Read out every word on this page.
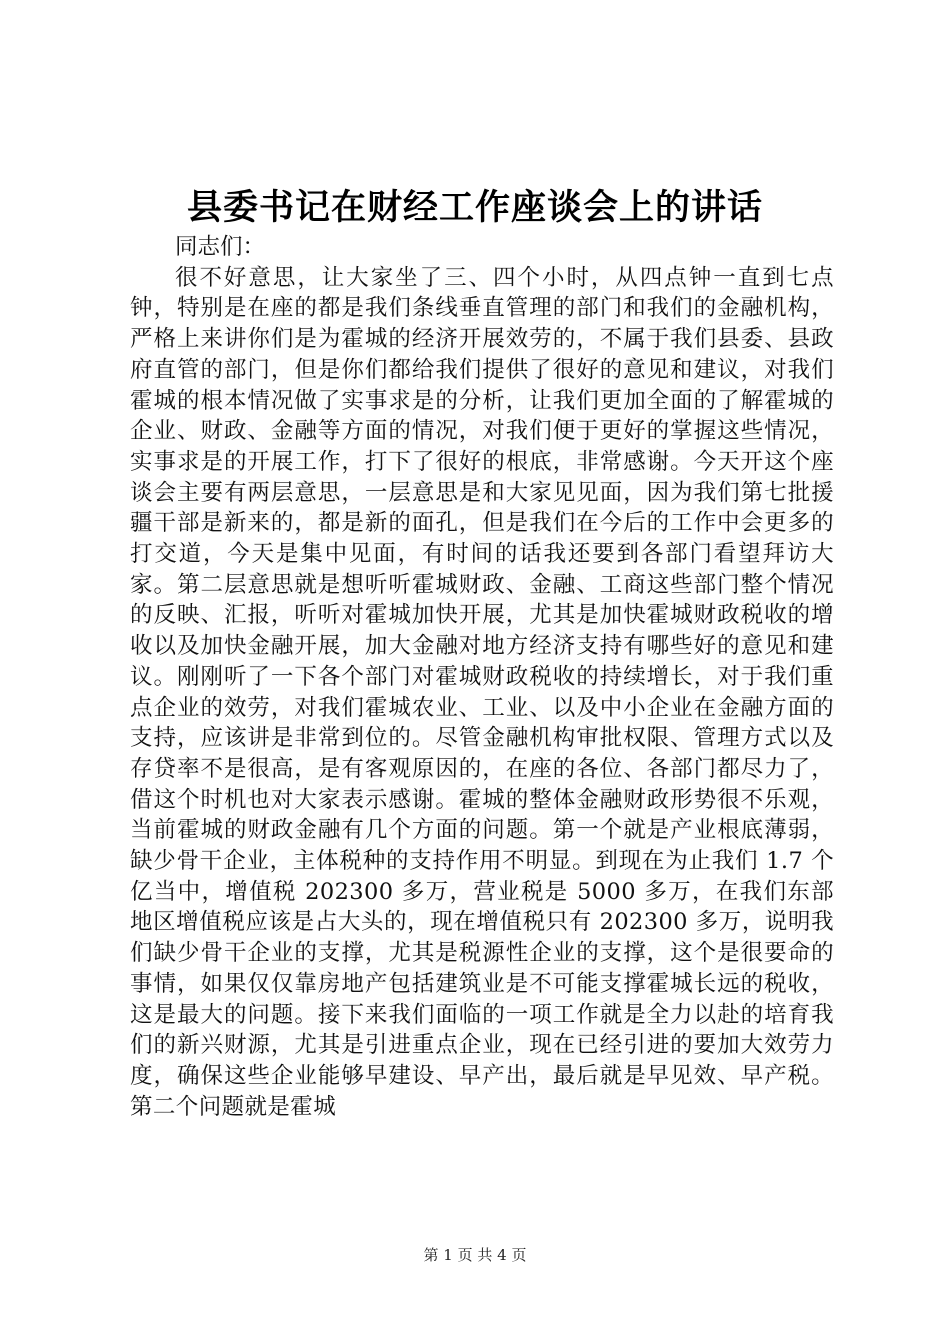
县委书记在财经工作座谈会上的讲话

同志们：

很不好意思，让大家坐了三、四个小时，从四点钟一直到七点钟，特别是在座的都是我们条线垂直管理的部门和我们的金融机构，严格上来讲你们是为霍城的经济开展效劳的，不属于我们县委、县政府直管的部门，但是你们都给我们提供了很好的意见和建议，对我们霍城的根本情况做了实事求是的分析，让我们更加全面的了解霍城的企业、财政、金融等方面的情况，对我们便于更好的掌握这些情况，实事求是的开展工作，打下了很好的根底，非常感谢。今天开这个座谈会主要有两层意思，一层意思是和大家见见面，因为我们第七批援疆干部是新来的，都是新的面孔，但是我们在今后的工作中会更多的打交道，今天是集中见面，有时间的话我还要到各部门看望拜访大家。第二层意思就是想听听霍城财政、金融、工商这些部门整个情况的反映、汇报，听听对霍城加快开展，尤其是加快霍城财政税收的增收以及加快金融开展，加大金融对地方经济支持有哪些好的意见和建议。刚刚听了一下各个部门对霍城财政税收的持续增长，对于我们重点企业的效劳，对我们霍城农业、工业、以及中小企业在金融方面的支持，应该讲是非常到位的。尽管金融机构审批权限、管理方式以及存贷率不是很高，是有客观原因的，在座的各位、各部门都尽力了，借这个时机也对大家表示感谢。霍城的整体金融财政形势很不乐观，当前霍城的财政金融有几个方面的问题。第一个就是产业根底薄弱，缺少骨干企业，主体税种的支持作用不明显。到现在为止我们 1.7 个亿当中，增值税 202300 多万，营业税是 5000 多万，在我们东部地区增值税应该是占大头的，现在增值税只有 202300 多万，说明我们缺少骨干企业的支撑，尤其是税源性企业的支撑，这个是很要命的事情，如果仅仅靠房地产包括建筑业是不可能支撑霍城长远的税收，这是最大的问题。接下来我们面临的一项工作就是全力以赴的培育我们的新兴财源，尤其是引进重点企业，现在已经引进的要加大效劳力度，确保这些企业能够早建设、早产出，最后就是早见效、早产税。第二个问题就是霍城

第 1 页 共 4 页
